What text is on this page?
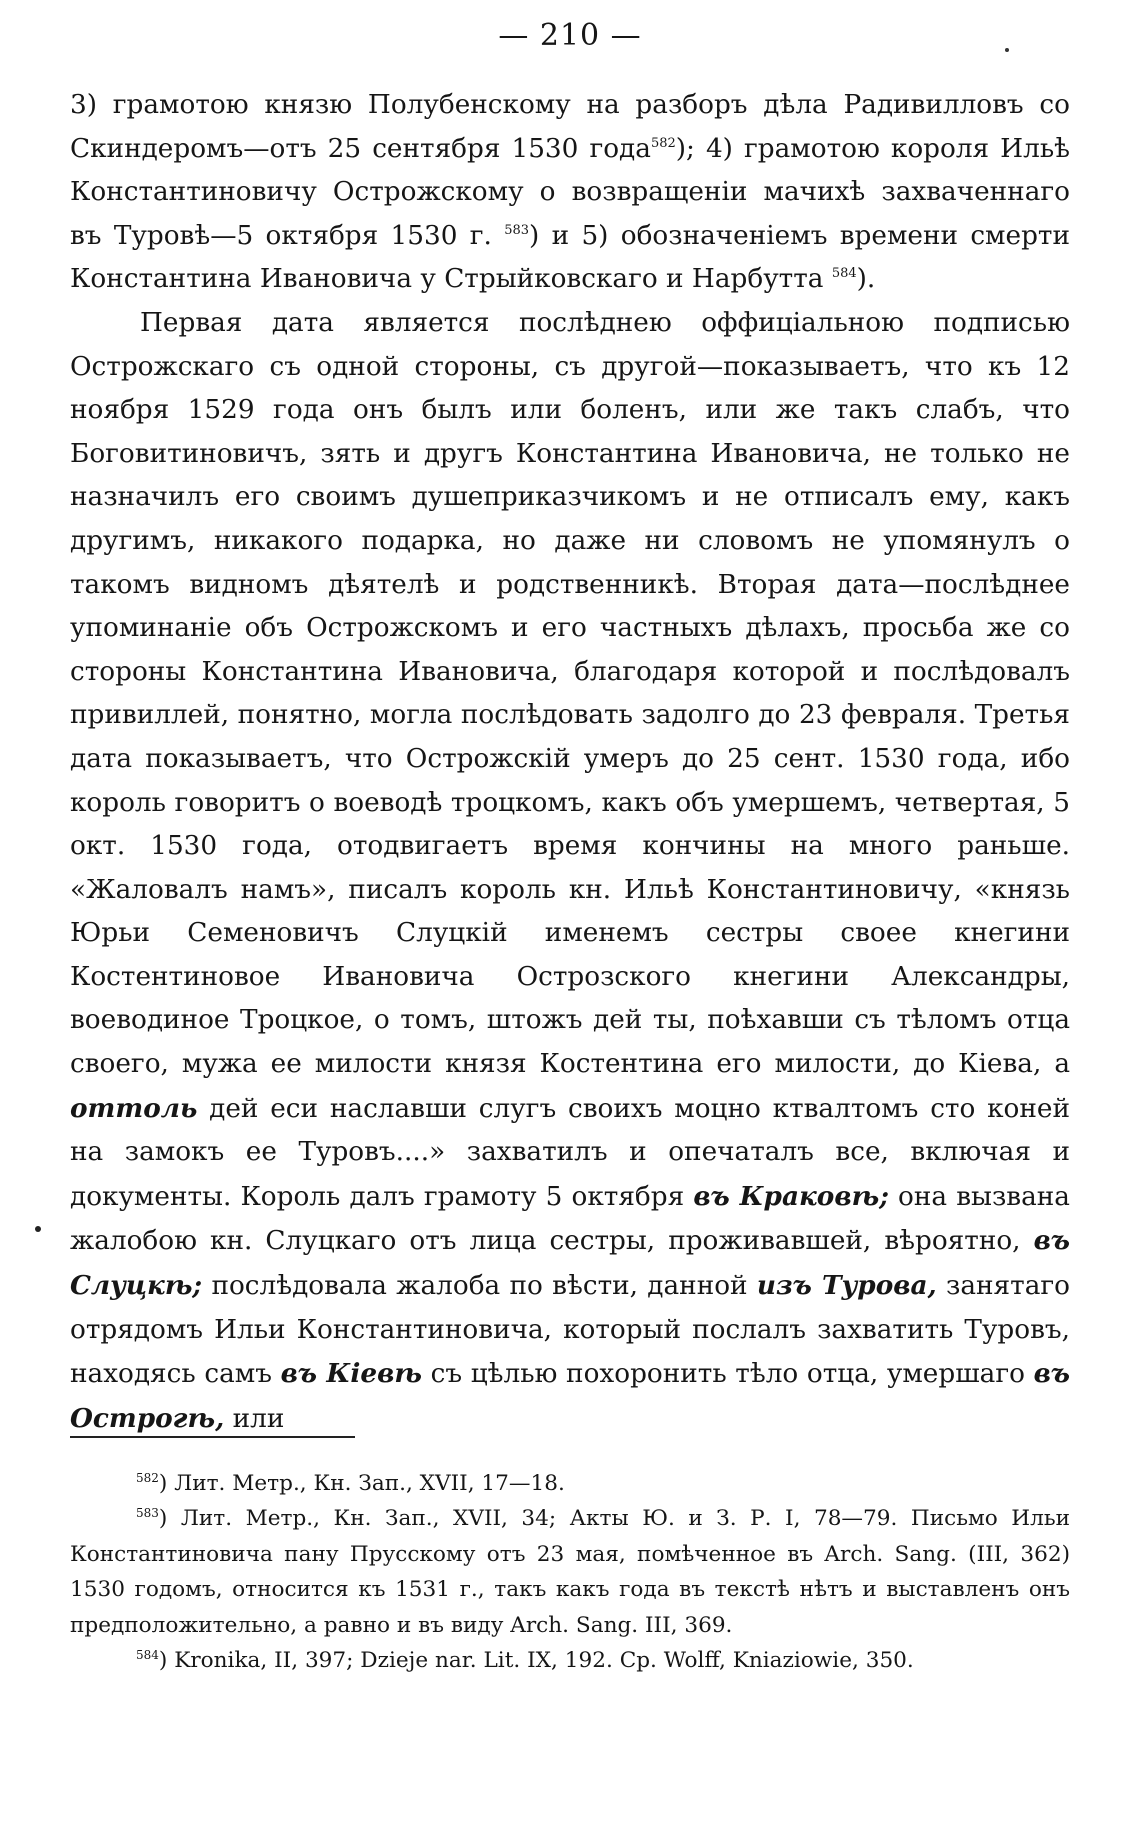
— 210 —

3) грамотою князю Полубенскому на разборъ дѣла Радивилловъ со Скиндеромъ—отъ 25 сентября 1530 года$^{582}$); 4) грамотою короля Ильѣ Константиновичу Острожскому о возвращеніи мачихѣ захваченнаго въ Туровѣ—5 октября 1530 г. $^{583}$) и 5) обозначеніемъ времени смерти Константина Ивановича у Стрыйковскаго и Нарбутта $^{584}$).

Первая дата является послѣднею оффиціальною подписью Острожскаго съ одной стороны, съ другой—показываетъ, что къ 12 ноября 1529 года онъ былъ или боленъ, или же такъ слабъ, что Боговитиновичъ, зять и другъ Константина Ивановича, не только не назначилъ его своимъ душеприказчикомъ и не отписалъ ему, какъ другимъ, никакого подарка, но даже ни словомъ не упомянулъ о такомъ видномъ дѣятелѣ и родственникѣ. Вторая дата—послѣднее упоминаніе объ Острожскомъ и его частныхъ дѣлахъ, просьба же со стороны Константина Ивановича, благодаря которой и послѣдовалъ привиллей, понятно, могла послѣдовать задолго до 23 февраля. Третья дата показываетъ, что Острожскій умеръ до 25 сент. 1530 года, ибо король говоритъ о воеводѣ троцкомъ, какъ объ умершемъ, четвертая, 5 окт. 1530 года, отодвигаетъ время кончины на много раньше. «Жаловалъ намъ», писалъ король кн. Ильѣ Константиновичу, «князь Юрьи Семеновичъ Слуцкій именемъ сестры своее кнегини Костентиновое Ивановича Острозского кнегини Александры, воеводиное Троцкое, о томъ, штожъ дей ты, поѣхавши съ тѣломъ отца своего, мужа ее милости князя Костентина его милости, до Кіева, а оттоль дей еси наславши слугъ своихъ моцно ктвалтомъ сто коней на замокъ ее Туровъ....» захватилъ и опечаталъ все, включая и документы. Король далъ грамоту 5 октября въ Краковѣ; она вызвана жалобою кн. Слуцкаго отъ лица сестры, проживавшей, вѣроятно, въ Слуцкѣ; послѣдовала жалоба по вѣсти, данной изъ Турова, занятаго отрядомъ Ильи Константиновича, который послалъ захватить Туровъ, находясь самъ въ Кіевѣ съ цѣлью похоронить тѣло отца, умершаго въ Острогѣ, или

$^{582}$) Лит. Метр., Кн. Зап., XVII, 17—18.

$^{583}$) Лит. Метр., Кн. Зап., XVII, 34; Акты Ю. и З. Р. I, 78—79. Письмо Ильи Константиновича пану Прусскому отъ 23 мая, помѣченное въ Arch. Sang. (III, 362) 1530 годомъ, относится къ 1531 г., такъ какъ года въ текстѣ нѣтъ и выставленъ онъ предположительно, а равно и въ виду Arch. Sang. III, 369.

$^{584}$) Kronika, II, 397; Dzieje nar. Lit. IX, 192. Ср. Wolff, Kniaziowie, 350.
